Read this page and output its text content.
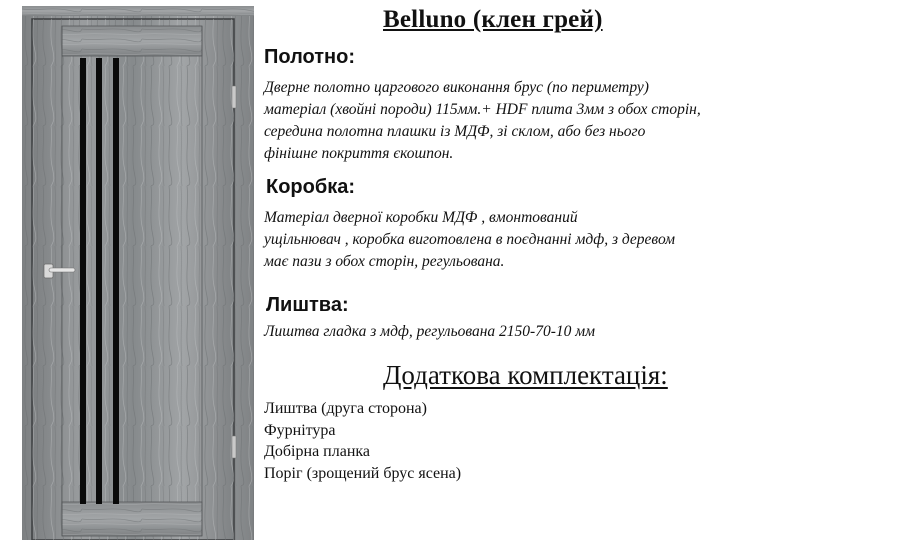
Belluno (клен грей)
Полотно:
Дверне полотно царгового виконання брус (по периметру)
матеріал (хвойні породи) 115мм.+ HDF плита 3мм з обох сторін,
середина полотна плашки із МДФ, зі склом, або без нього
фінішне покриття єкошпон.
Коробка:
Матеріал дверної коробки МДФ , вмонтований
ущільнювач , коробка виготовлена в поєднанні мдф, з деревом
має пази з обох сторін, регульована.
Лиштва:
Лиштва гладка з мдф, регульована 2150-70-10 мм
Додаткова комплектація:
Лиштва (друга сторона)
Фурнітура
Добірна планка
Поріг (зрощений брус ясена)
